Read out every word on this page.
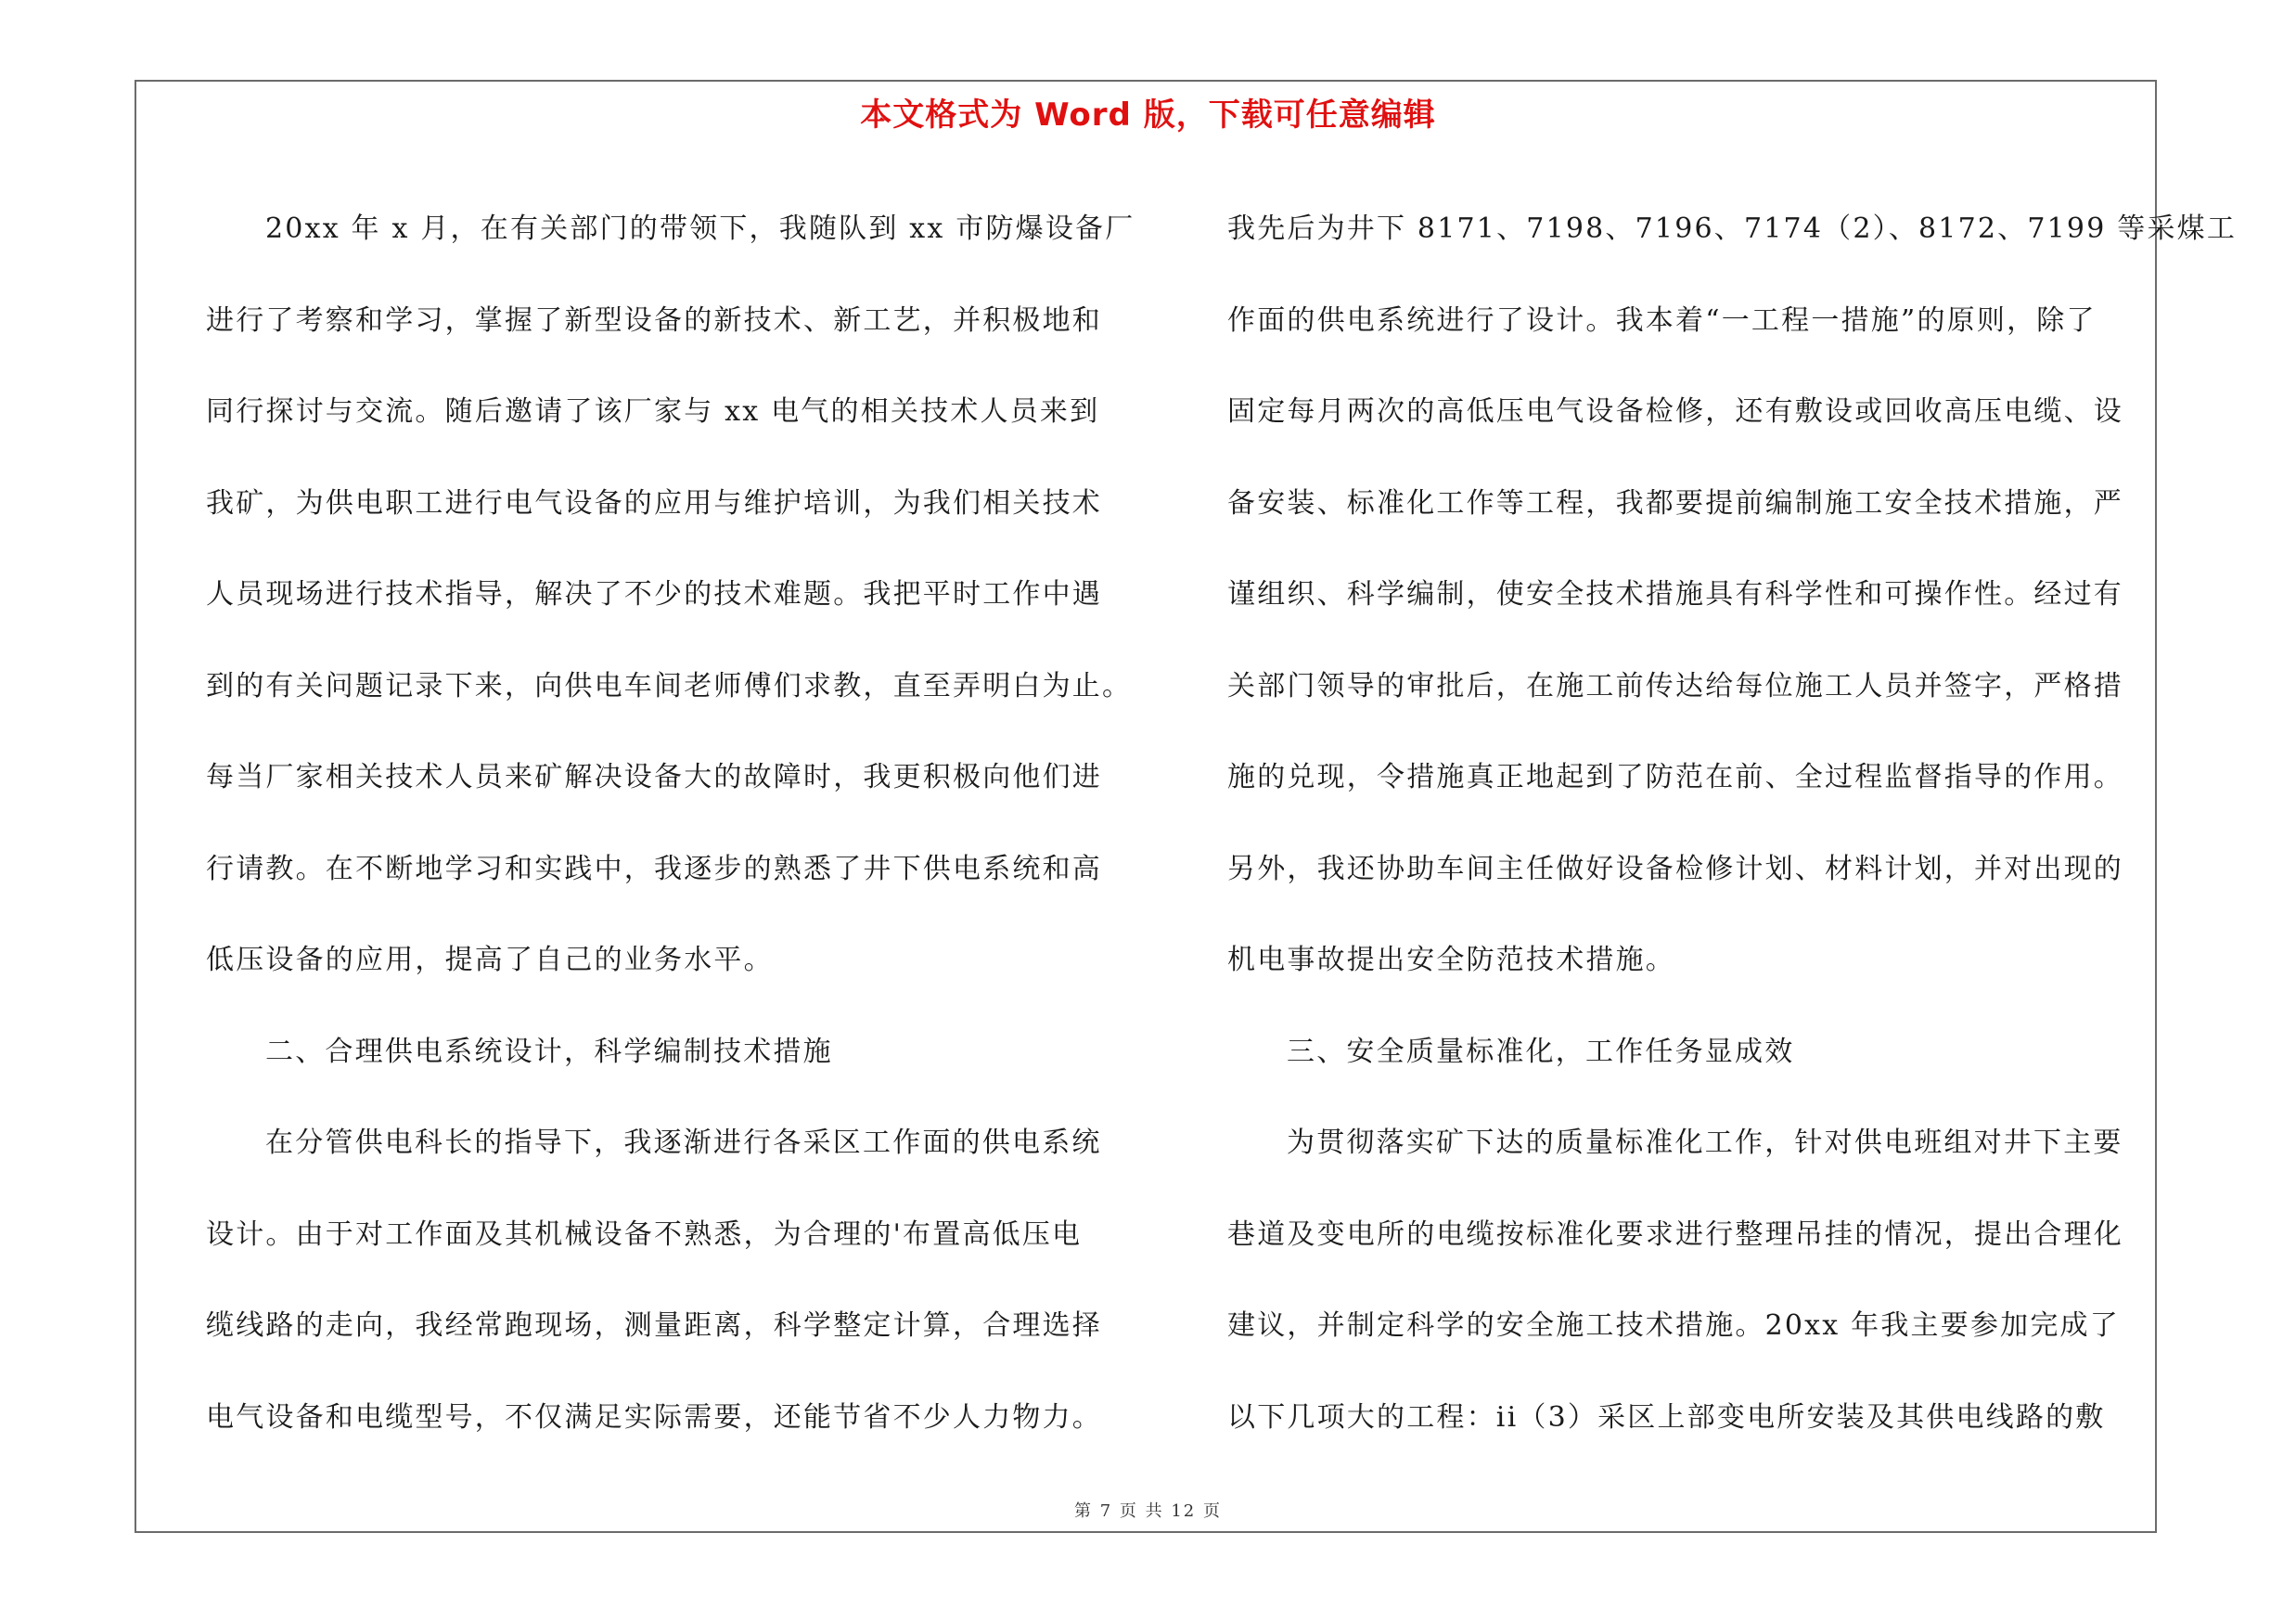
本文格式为 Word 版，下载可任意编辑
20xx 年 x 月，在有关部门的带领下，我随队到 xx 市防爆设备厂
进行了考察和学习，掌握了新型设备的新技术、新工艺，并积极地和
同行探讨与交流。随后邀请了该厂家与 xx 电气的相关技术人员来到
我矿，为供电职工进行电气设备的应用与维护培训，为我们相关技术
人员现场进行技术指导，解决了不少的技术难题。我把平时工作中遇
到的有关问题记录下来，向供电车间老师傅们求教，直至弄明白为止。
每当厂家相关技术人员来矿解决设备大的故障时，我更积极向他们进
行请教。在不断地学习和实践中，我逐步的熟悉了井下供电系统和高
低压设备的应用，提高了自己的业务水平。
二、合理供电系统设计，科学编制技术措施
在分管供电科长的指导下，我逐渐进行各采区工作面的供电系统
设计。由于对工作面及其机械设备不熟悉，为合理的'布置高低压电
缆线路的走向，我经常跑现场，测量距离，科学整定计算，合理选择
电气设备和电缆型号，不仅满足实际需要，还能节省不少人力物力。
我先后为井下 8171、7198、7196、7174（2）、8172、7199 等采煤工
作面的供电系统进行了设计。我本着“一工程一措施”的原则，除了
固定每月两次的高低压电气设备检修，还有敷设或回收高压电缆、设
备安装、标准化工作等工程，我都要提前编制施工安全技术措施，严
谨组织、科学编制，使安全技术措施具有科学性和可操作性。经过有
关部门领导的审批后，在施工前传达给每位施工人员并签字，严格措
施的兑现，令措施真正地起到了防范在前、全过程监督指导的作用。
另外，我还协助车间主任做好设备检修计划、材料计划，并对出现的
机电事故提出安全防范技术措施。
三、安全质量标准化，工作任务显成效
为贯彻落实矿下达的质量标准化工作，针对供电班组对井下主要
巷道及变电所的电缆按标准化要求进行整理吊挂的情况，提出合理化
建议，并制定科学的安全施工技术措施。20xx 年我主要参加完成了
以下几项大的工程：ii（3）采区上部变电所安装及其供电线路的敷
第 7 页 共 12 页
